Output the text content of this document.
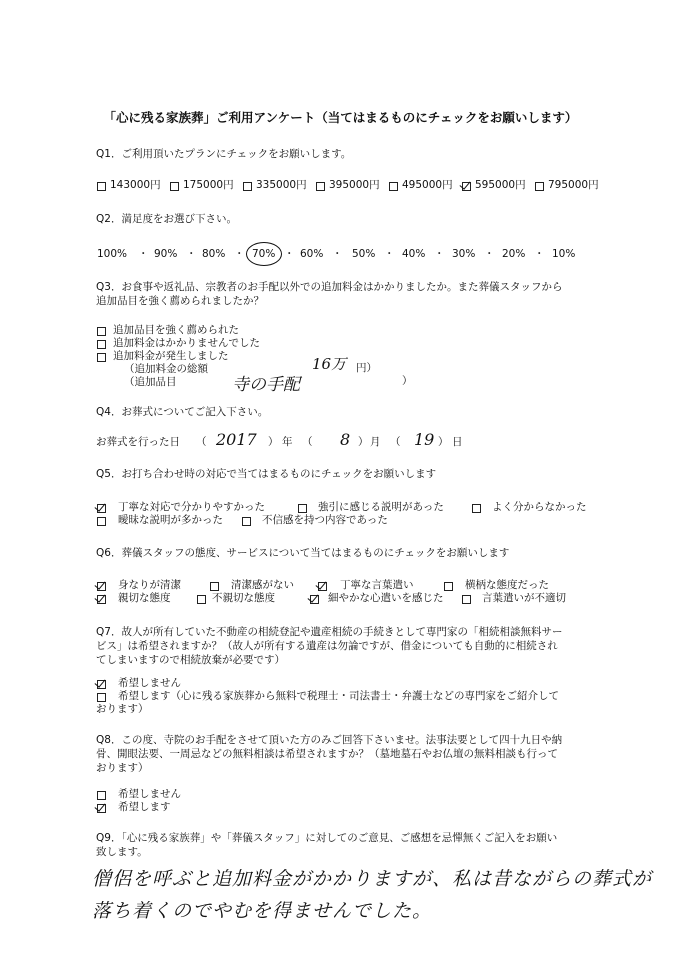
「心に残る家族葬」ご利用アンケート（当てはまるものにチェックをお願いします）
Q1．ご利用頂いたプランにチェックをお願いします。
143000円 175000円 335000円 395000円 495000円 595000円 795000円
Q2．満足度をお選び下さい。
100% ・ 90% ・ 80% ・ 70% ・ 60% ・ 50% ・ 40% ・ 30% ・ 20% ・ 10%
Q3．お食事や返礼品、宗教者のお手配以外での追加料金はかかりましたか。また葬儀スタッフから
追加品目を強く薦められましたか？
追加品目を強く薦められた
追加料金はかかりませんでした
追加料金が発生しました
（追加料金の総額	16万 円）
（追加品目	寺の手配	）
Q4．お葬式についてご記入下さい。
お葬式を行った日 （ 2017 ） 年 （ 8 ） 月 （ 19 ） 日
Q5．お打ち合わせ時の対応で当てはまるものにチェックをお願いします
丁寧な対応で分かりやすかった	強引に感じる説明があった	よく分からなかった
曖昧な説明が多かった	不信感を持つ内容であった
Q6．葬儀スタッフの態度、サービスについて当てはまるものにチェックをお願いします
身なりが清潔	清潔感がない	丁寧な言葉遣い	横柄な態度だった
親切な態度	不親切な態度	細やかな心遣いを感じた	言葉遣いが不適切
Q7．故人が所有していた不動産の相続登記や遺産相続の手続きとして専門家の「相続相談無料サー
ビス」は希望されますか？（故人が所有する遺産は勿論ですが、借金についても自動的に相続され
てしまいますので相続放棄が必要です）
希望しません
希望します（心に残る家族葬から無料で税理士・司法書士・弁護士などの専門家をご紹介して
おります）
Q8．この度、寺院のお手配をさせて頂いた方のみご回答下さいませ。法事法要として四十九日や納
骨、開眼法要、一周忌などの無料相談は希望されますか？（墓地墓石やお仏壇の無料相談も行って
おります）
希望しません
希望します
Q9．「心に残る家族葬」や「葬儀スタッフ」に対してのご意見、ご感想を忌憚無くご記入をお願い
致します。
僧侶を呼ぶと追加料金がかかりますが、私は昔ながらの葬式が
落ち着くのでやむを得ませんでした。
